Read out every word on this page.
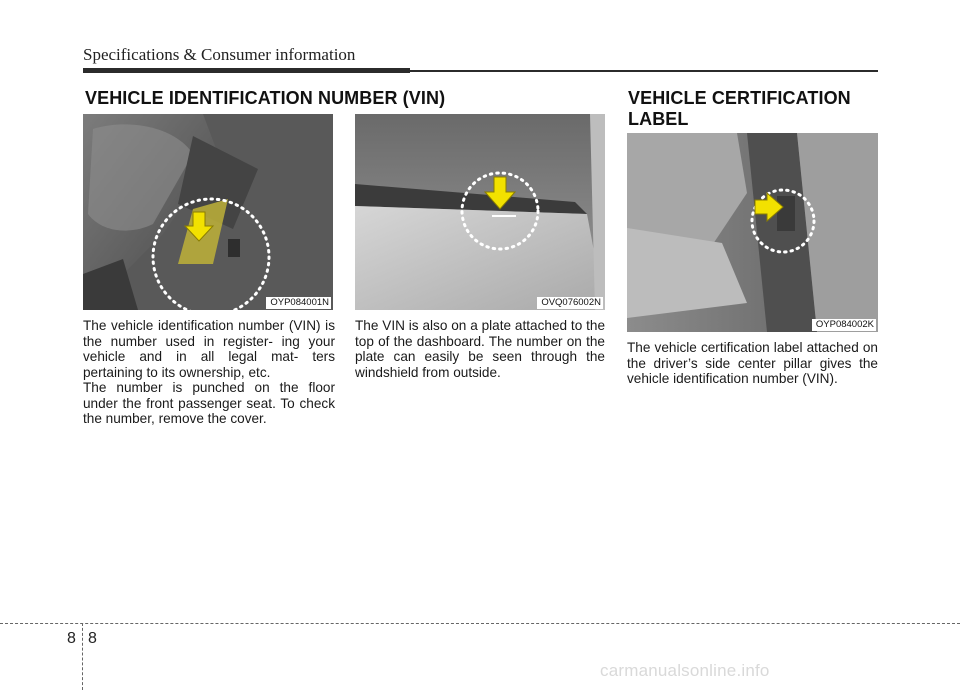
Specifications & Consumer information
VEHICLE IDENTIFICATION NUMBER (VIN)	VEHICLE CERTIFICATION
LABEL
OYP084001N	OVQ076002N
OYP084002K

The vehicle identification number (VIN) is the number used in register- ing your vehicle and in all legal mat- ters pertaining to its ownership, etc.

The number is punched on the floor under the front passenger seat. To check the number, remove the cover.

The VIN is also on a plate attached to the top of the dashboard. The number on the plate can easily be seen through the windshield from outside.

The vehicle certification label attached on the driver’s side center pillar gives the vehicle identification number (VIN).

8 8
carmanualsonline.info
